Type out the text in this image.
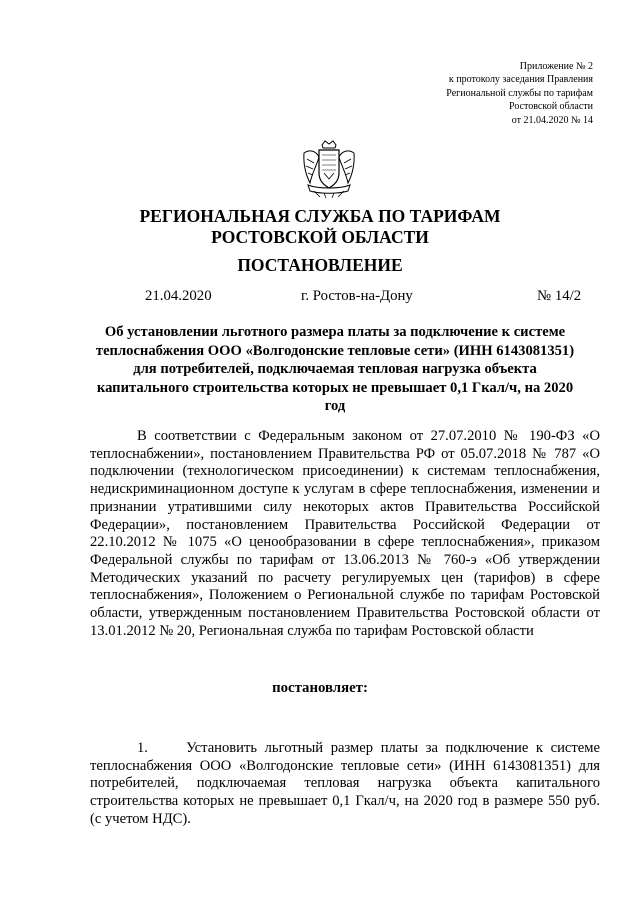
Приложение № 2
к протоколу заседания Правления
Региональной службы по тарифам
Ростовской области
от 21.04.2020 № 14
РЕГИОНАЛЬНАЯ СЛУЖБА ПО ТАРИФАМ
РОСТОВСКОЙ ОБЛАСТИ
ПОСТАНОВЛЕНИЕ
21.04.2020	г. Ростов-на-Дону	№ 14/2
Об установлении льготного размера платы за подключение к системе теплоснабжения ООО «Волгодонские тепловые сети» (ИНН 6143081351) для потребителей, подключаемая тепловая нагрузка объекта капитального строительства которых не превышает 0,1 Гкал/ч, на 2020 год
В соответствии с Федеральным законом от 27.07.2010 № 190-ФЗ «О теплоснабжении», постановлением Правительства РФ от 05.07.2018 № 787 «О подключении (технологическом присоединении) к системам теплоснабжения, недискриминационном доступе к услугам в сфере теплоснабжения, изменении и признании утратившими силу некоторых актов Правительства Российской Федерации», постановлением Правительства Российской Федерации от 22.10.2012 № 1075 «О ценообразовании в сфере теплоснабжения», приказом Федеральной службы по тарифам от 13.06.2013 № 760-э «Об утверждении Методических указаний по расчету регулируемых цен (тарифов) в сфере теплоснабжения», Положением о Региональной службе по тарифам Ростовской области, утвержденным постановлением Правительства Ростовской области от 13.01.2012 № 20, Региональная служба по тарифам Ростовской области
постановляет:
1.	Установить льготный размер платы за подключение к системе теплоснабжения ООО «Волгодонские тепловые сети» (ИНН 6143081351) для потребителей, подключаемая тепловая нагрузка объекта капитального строительства которых не превышает 0,1 Гкал/ч, на 2020 год в размере 550 руб. (с учетом НДС).
